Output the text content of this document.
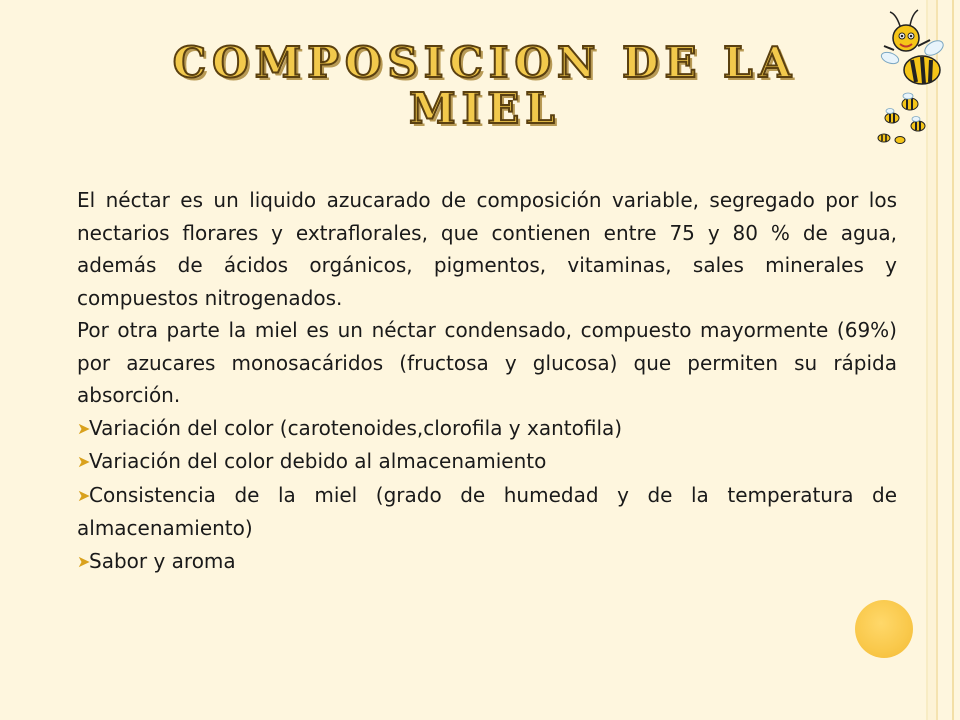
COMPOSICION DE LA MIEL

El néctar es un liquido azucarado de composición variable, segregado por los nectarios florares y extraflorales, que contienen entre 75 y 80 % de agua, además de ácidos orgánicos, pigmentos, vitaminas, sales minerales y compuestos nitrogenados.

Por otra parte la miel es un néctar condensado, compuesto mayormente (69%) por azucares monosacáridos (fructosa y glucosa) que permiten su rápida absorción.

➤Variación del color (carotenoides,clorofila y xantofila)

➤Variación del color debido al almacenamiento

➤Consistencia de la miel (grado de humedad y de la temperatura de almacenamiento)

➤Sabor y aroma
